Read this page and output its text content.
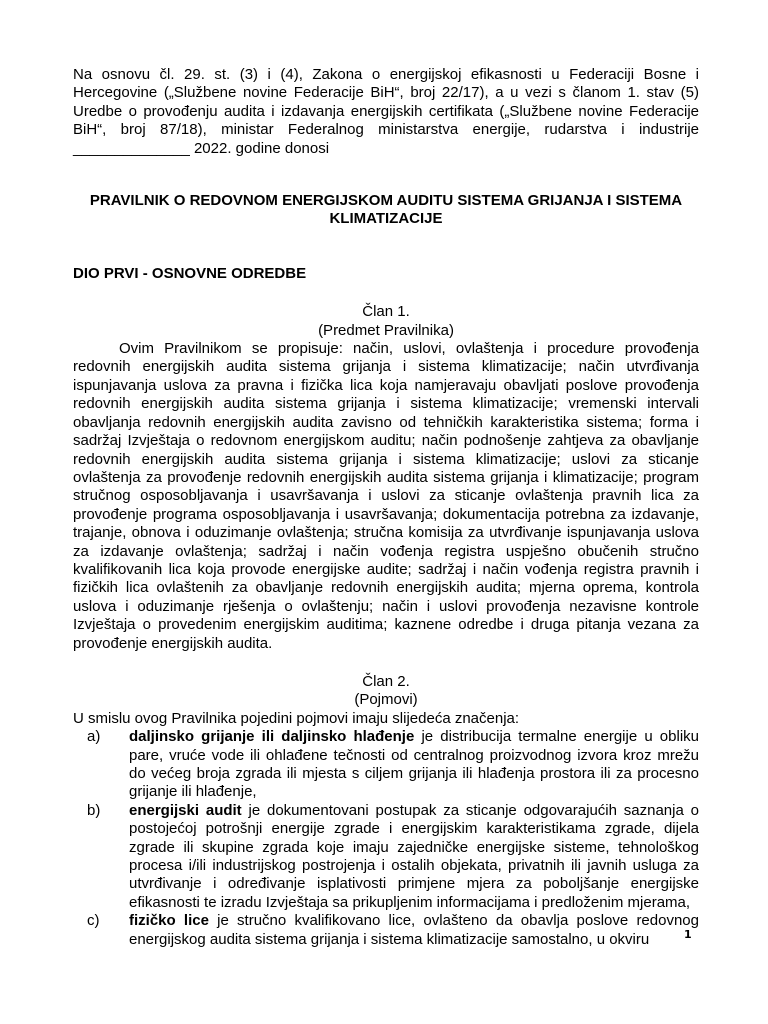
Na osnovu čl. 29. st. (3) i (4), Zakona o energijskoj efikasnosti u Federaciji Bosne i Hercegovine („Službene novine Federacije BiH“, broj 22/17), a u vezi s članom 1. stav (5) Uredbe o provođenju audita i izdavanja energijskih certifikata („Službene novine Federacije BiH“, broj 87/18), ministar Federalnog ministarstva energije, rudarstva i industrije ______________ 2022. godine donosi

PRAVILNIK O REDOVNOM ENERGIJSKOM AUDITU SISTEMA GRIJANJA I SISTEMA KLIMATIZACIJE

DIO PRVI - OSNOVNE ODREDBE

Član 1.

(Predmet Pravilnika)

Ovim Pravilnikom se propisuje: način, uslovi, ovlaštenja i procedure provođenja redovnih energijskih audita sistema grijanja i sistema klimatizacije; način utvrđivanja ispunjavanja uslova za pravna i fizička lica koja namjeravaju obavljati poslove provođenja redovnih energijskih audita sistema grijanja i sistema klimatizacije; vremenski intervali obavljanja redovnih energijskih audita zavisno od tehničkih karakteristika sistema; forma i sadržaj Izvještaja o redovnom energijskom auditu; način podnošenje zahtjeva za obavljanje redovnih energijskih audita sistema grijanja i sistema klimatizacije; uslovi za sticanje ovlaštenja za provođenje redovnih energijskih audita sistema grijanja i klimatizacije; program stručnog osposobljavanja i usavršavanja i uslovi za sticanje ovlaštenja pravnih lica za provođenje programa osposobljavanja i usavršavanja; dokumentacija potrebna za izdavanje, trajanje, obnova i oduzimanje ovlaštenja; stručna komisija za utvrđivanje ispunjavanja uslova za izdavanje ovlaštenja; sadržaj i način vođenja registra uspješno obučenih stručno kvalifikovanih lica koja provode energijske audite; sadržaj i način vođenja registra pravnih i fizičkih lica ovlaštenih za obavljanje redovnih energijskih audita; mjerna oprema, kontrola uslova i oduzimanje rješenja o ovlaštenju; način i uslovi provođenja nezavisne kontrole Izvještaja o provedenim energijskim auditima; kaznene odredbe i druga pitanja vezana za provođenje energijskih audita.

Član 2.

(Pojmovi)

U smislu ovog Pravilnika pojedini pojmovi imaju slijedeća značenja:

a)	daljinsko grijanje ili daljinsko hlađenje je distribucija termalne energije u obliku pare, vruće vode ili ohlađene tečnosti od centralnog proizvodnog izvora kroz mrežu do većeg broja zgrada ili mjesta s ciljem grijanja ili hlađenja prostora ili za procesno grijanje ili hlađenje,
b)	energijski audit je dokumentovani postupak za sticanje odgovarajućih saznanja o postojećoj potrošnji energije zgrade i energijskim karakteristikama zgrade, dijela zgrade ili skupine zgrada koje imaju zajedničke energijske sisteme, tehnološkog procesa i/ili industrijskog postrojenja i ostalih objekata, privatnih ili javnih usluga za utvrđivanje i određivanje isplativosti primjene mjera za poboljšanje energijske efikasnosti te izradu Izvještaja sa prikupljenim informacijama i predloženim mjerama,
c)	fizičko lice je stručno kvalifikovano lice, ovlašteno da obavlja poslove redovnog energijskog audita sistema grijanja i sistema klimatizacije samostalno, u okviru	1
